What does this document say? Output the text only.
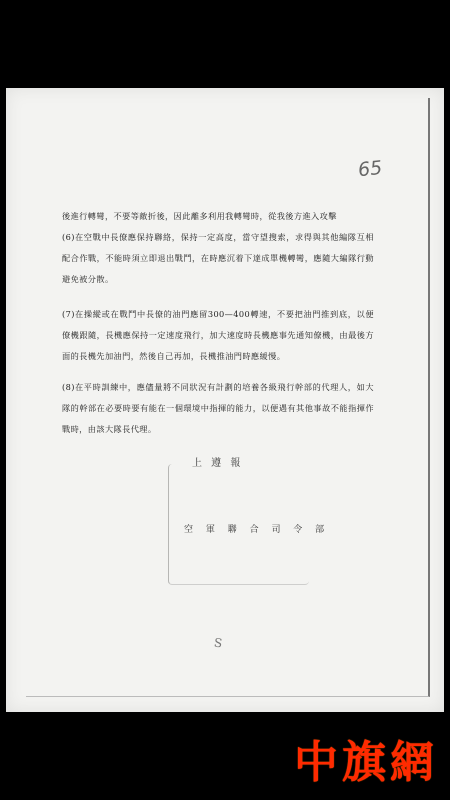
65

後進行轉彎，不要等敵折後，因此離多利用我轉彎時，從我後方進入攻擊

(6)在空戰中長僚應保持聯絡，保持一定高度，當守望搜索，求得與其他編隊互相配合作戰，不能時須立即退出戰鬥，在時應沉着下達成單機轉彎，應隨大編隊行動避免被分散。

(7)在操縱或在戰鬥中長僚的油門應留300—400轉速，不要把油門推到底，以便僚機跟隨，長機應保持一定速度飛行，加大速度時長機應事先通知僚機，由最後方面的長機先加油門，然後自己再加，長機推油門時應緩慢。

(8)在平時訓練中，應儘量將不同狀況有計劃的培養各級飛行幹部的代理人，如大隊的幹部在必要時要有能在一個環境中指揮的能力，以便遇有其他事故不能指揮作戰時，由該大隊長代理。

上 遵 報
空 軍 聯 合 司 令 部
S
中旗網
